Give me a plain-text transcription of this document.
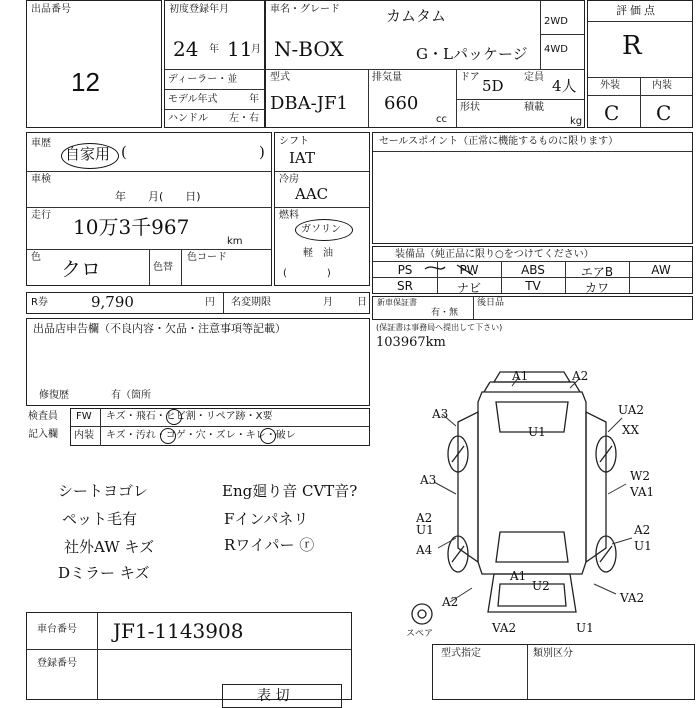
出品番号
12
初度登録年月
24 年 11
月
ディーラー・並
モデル年式	年
ハンドル 左・右
車名・グレード	カムタム
N-BOX	G・Lパッケージ
2WD
4WD
型式
DBA-JF1
排気量
660
cc
ドア 5D 定員 4人
形状	積載
kg
評価点
R
外装	内装
C C
車歴
自家用 (	)
車検
年　　月(　　日)
走行 10万3千967
km
色 クロ	色替
色コード
シフト
IAT
冷房
AAC
燃料
ガソリン
軽　油
(　　　　)
セールスポイント（正常に機能するものに限ります）
装備品（純正品に限り○をつけてください）
PS	PW	ABS	エアB	AW
SR	ナビ	TV	カワ
R券	9,790	円 名変期限	月 日 新車保証書
有・無
後日品
(保証書は事務局へ提出して下さい)
103967km
出品店申告欄（不良内容・欠品・注意事項等記載）
修復歴	有（箇所
検査員
記入欄
FW キズ・飛石・ヒビ割・リペア跡・X要
内装 キズ・汚れ・コゲ・穴・ズレ・キレ・破レ
シートヨゴレ
ペット毛有
社外AW キズ
Dミラー キズ
Eng廻り音 CVT音?
Fインパネリ
Rワイパー ⓡ
A1	A2
A3
U1
UA2
XX
A3	W2
VA1
A2
U1
A4
A2
U1
A1
U2
A2	VA2
VA2	U1
スペア
車台番号 JF1-1143908
登録番号
型式指定	類別区分
表 切
